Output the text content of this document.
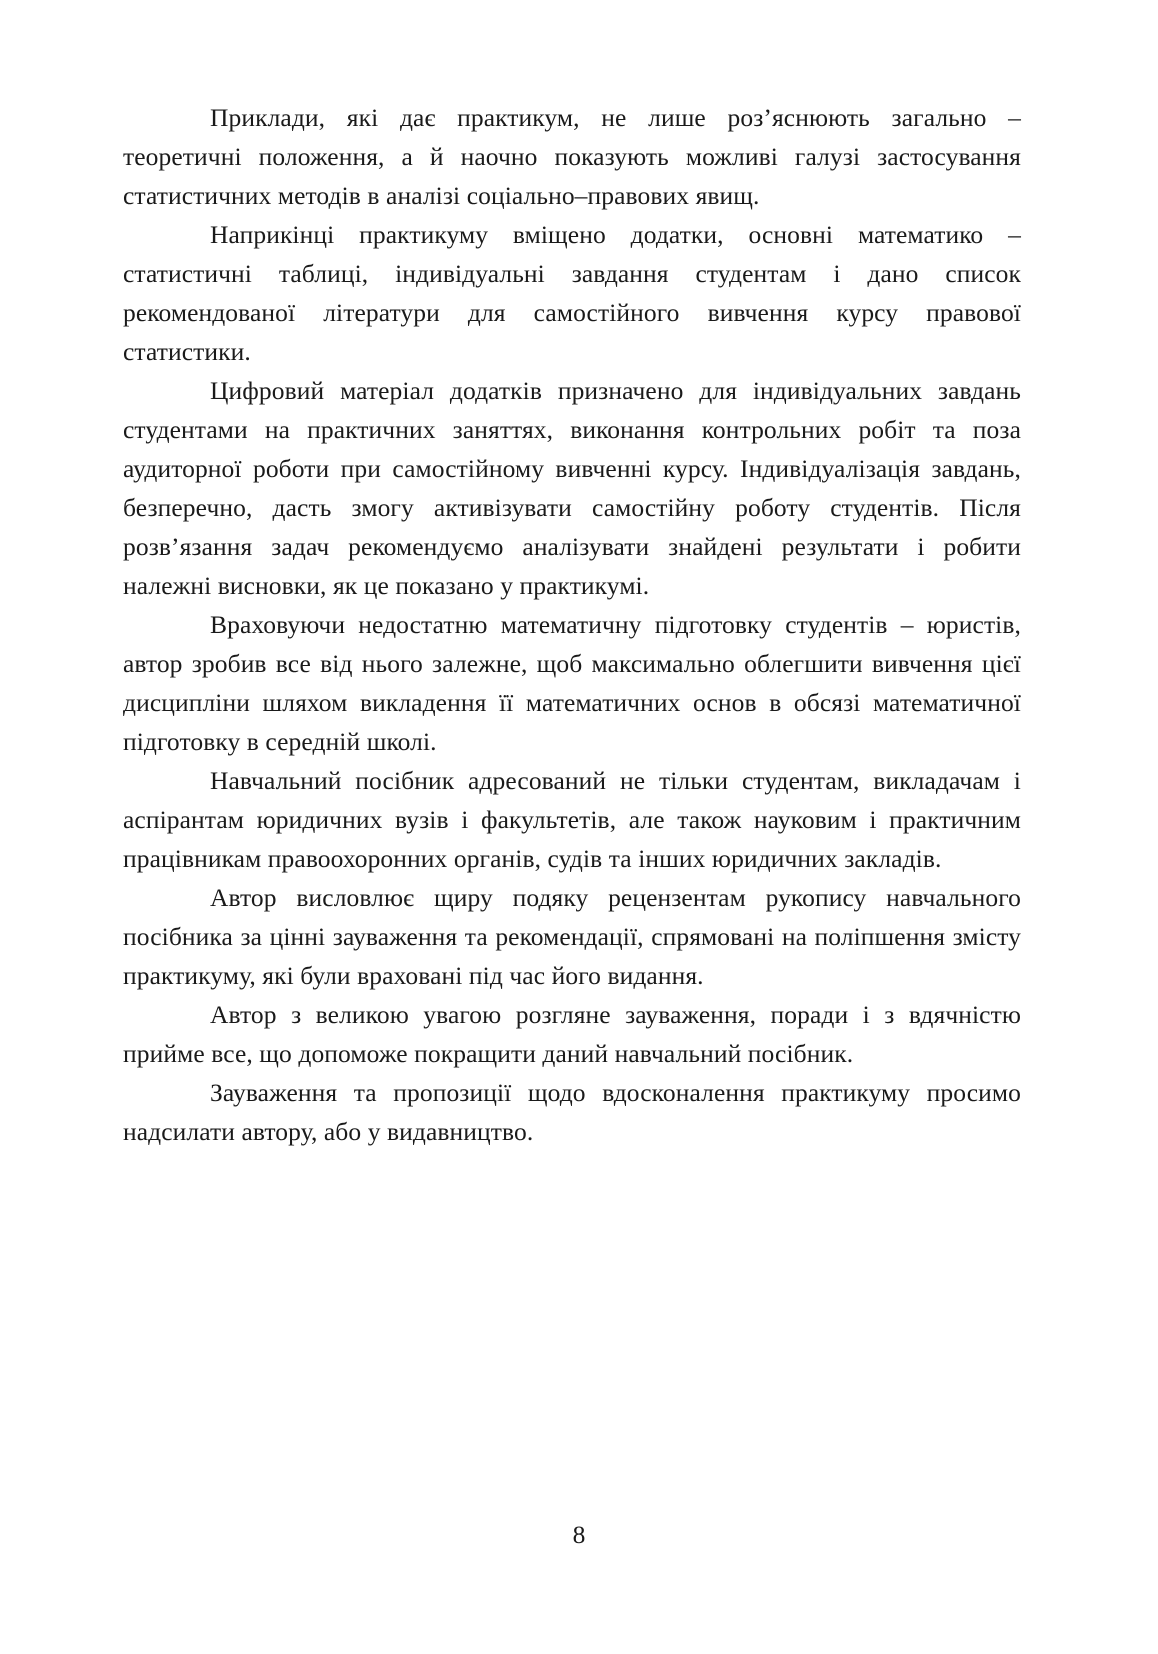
Приклади, які дає практикум, не лише роз’яснюють загально – теоретичні положення, а й наочно показують можливі галузі застосування статистичних методів в аналізі соціально–правових явищ.

Наприкінці практикуму вміщено додатки, основні математико – статистичні таблиці, індивідуальні завдання студентам і дано список рекомендованої літератури для самостійного вивчення курсу правової статистики.

Цифровий матеріал додатків призначено для індивідуальних завдань студентами на практичних заняттях, виконання контрольних робіт та поза аудиторної роботи при самостійному вивченні курсу. Індивідуалізація завдань, безперечно, дасть змогу активізувати самостійну роботу студентів. Після розв’язання задач рекомендуємо аналізувати знайдені результати і робити належні висновки, як це показано у практикумі.

Враховуючи недостатню математичну підготовку студентів – юристів, автор зробив все від нього залежне, щоб максимально облегшити вивчення цієї дисципліни шляхом викладення її математичних основ в обсязі математичної підготовку в середній школі.

Навчальний посібник адресований не тільки студентам, викладачам і аспірантам юридичних вузів і факультетів, але також науковим і практичним працівникам правоохоронних органів, судів та інших юридичних закладів.

Автор висловлює щиру подяку рецензентам рукопису навчального посібника за цінні зауваження та рекомендації, спрямовані на поліпшення змісту практикуму, які були враховані під час його видання.

Автор з великою увагою розгляне зауваження, поради і з вдячністю прийме все, що допоможе покращити даний навчальний посібник.

Зауваження та пропозиції щодо вдосконалення практикуму просимо надсилати автору, або у видавництво.

8
